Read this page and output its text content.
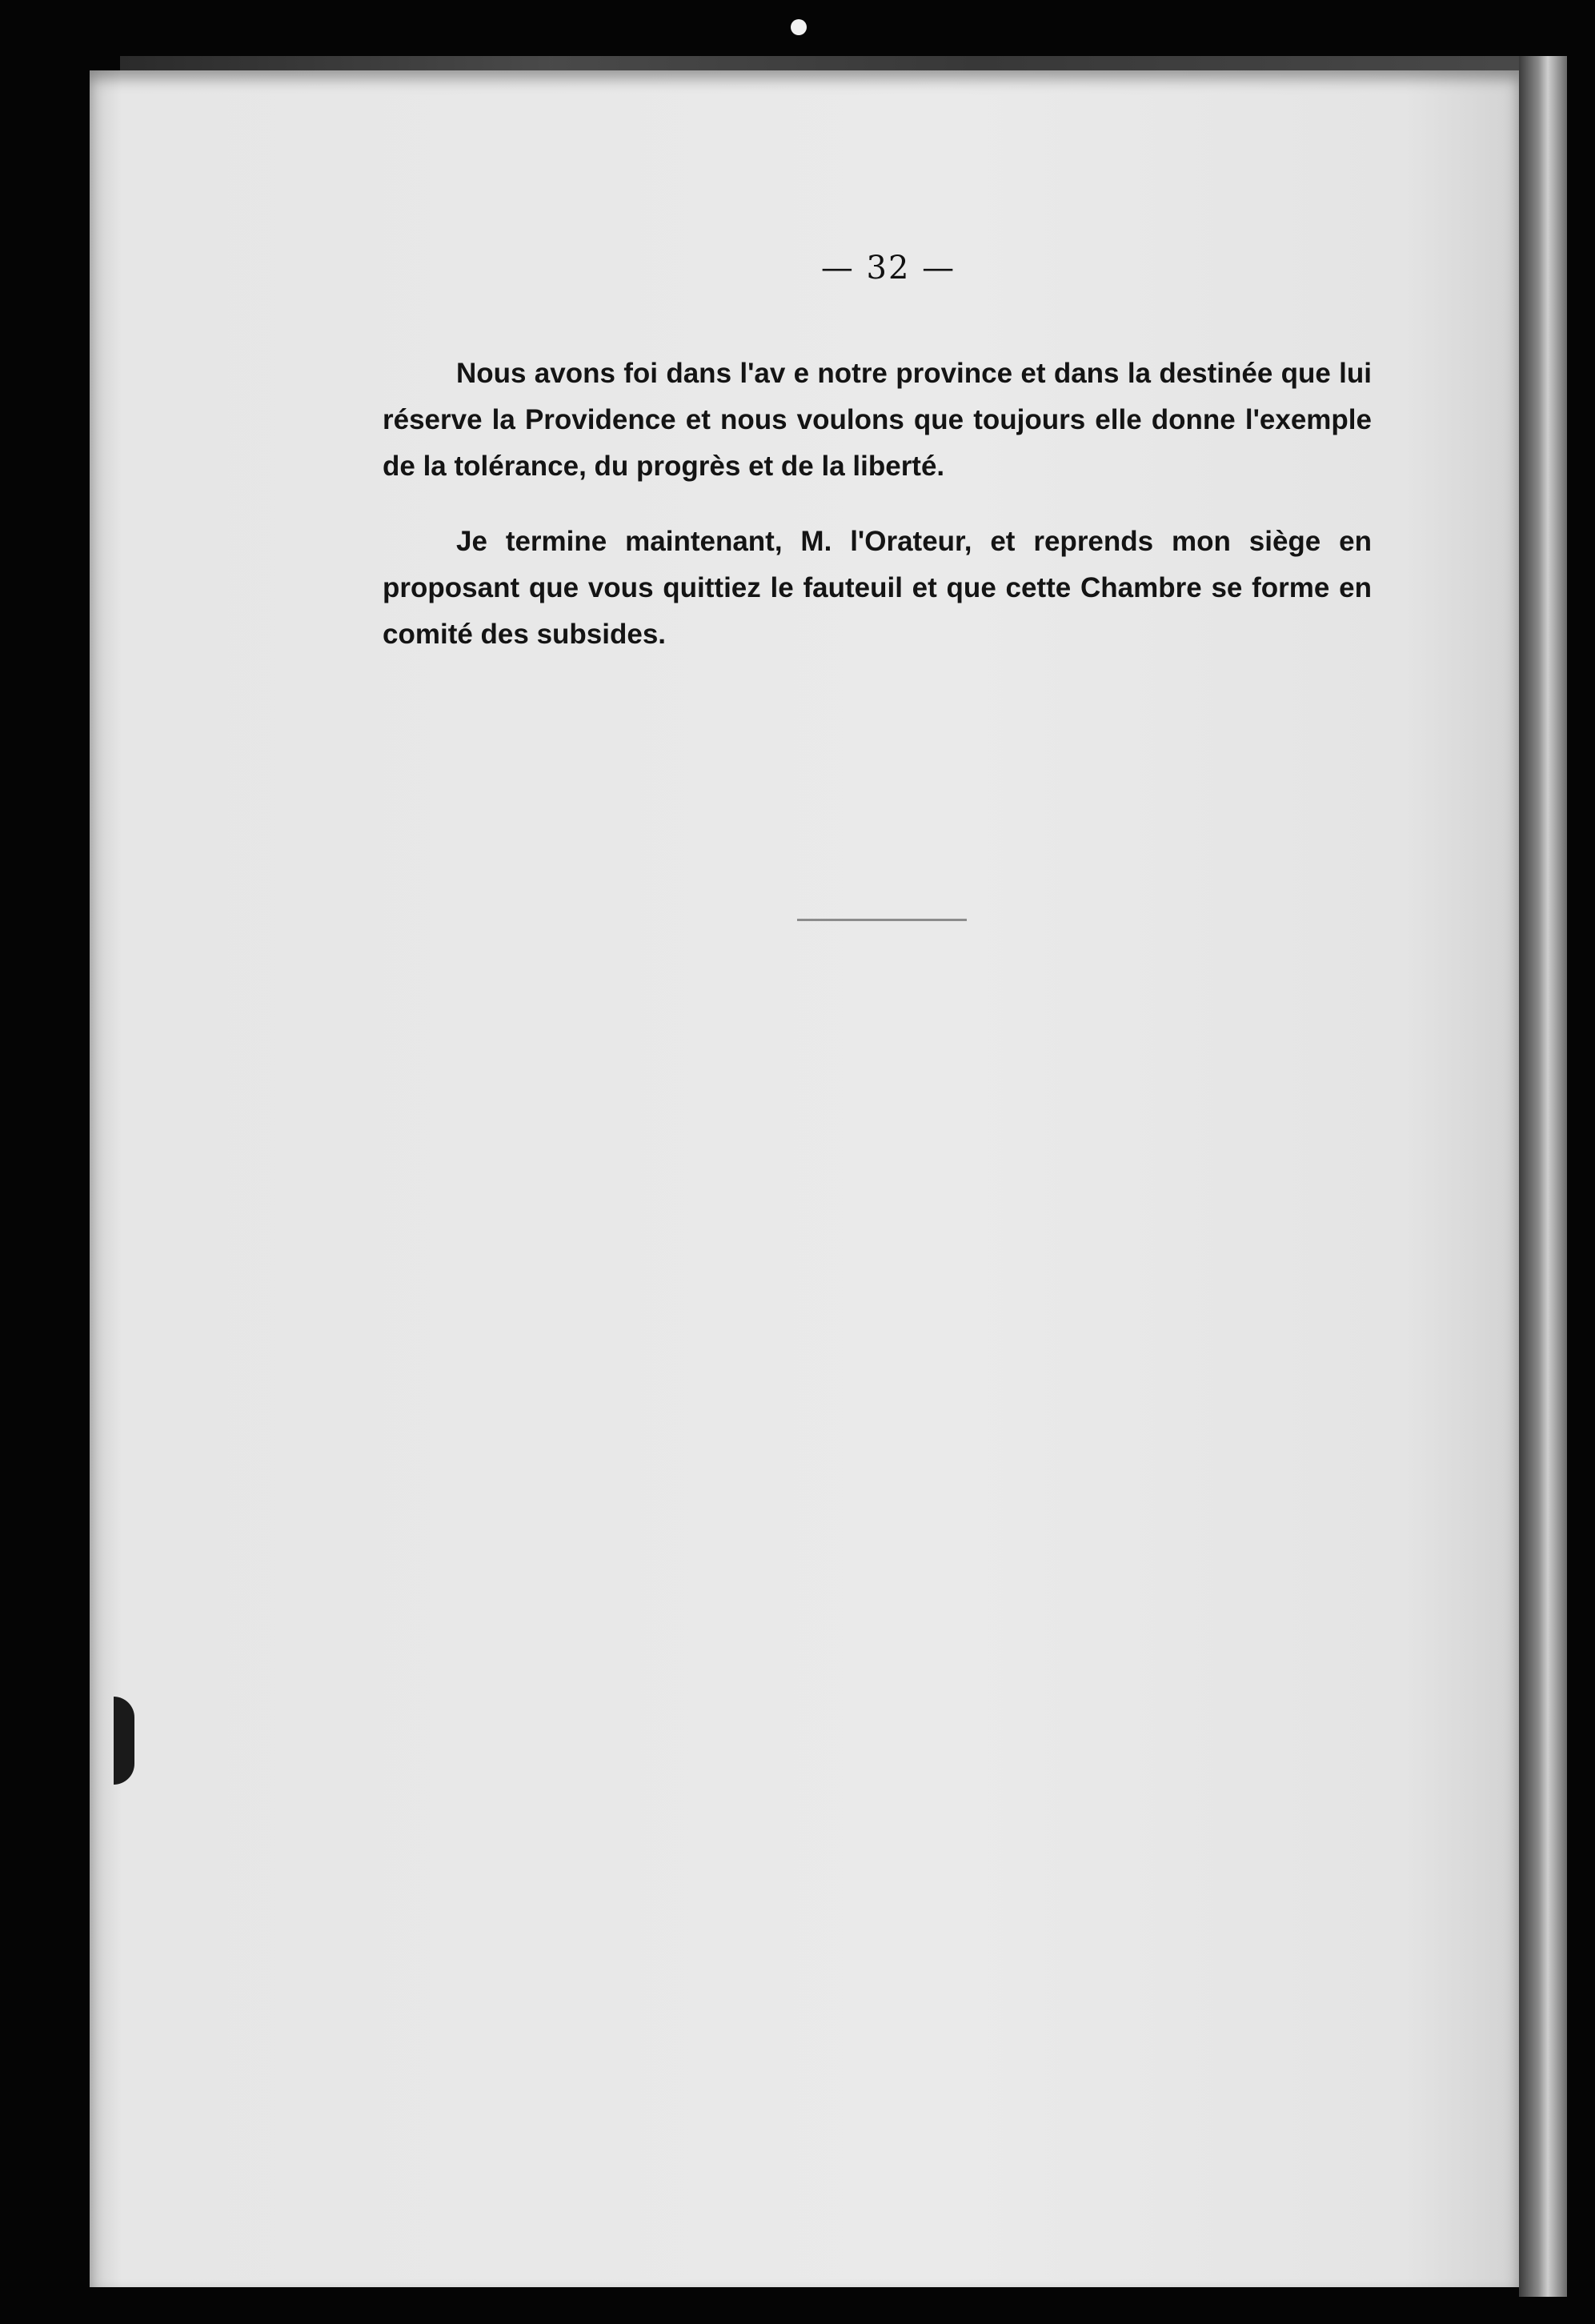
— 32 —

Nous avons foi dans l'av e notre province et dans la destinée que lui réserve la Providence et nous voulons que toujours elle donne l'exemple de la tolérance, du progrès et de la liberté.

Je termine maintenant, M. l'Orateur, et reprends mon siège en proposant que vous quittiez le fauteuil et que cette Chambre se forme en comité des subsides.
